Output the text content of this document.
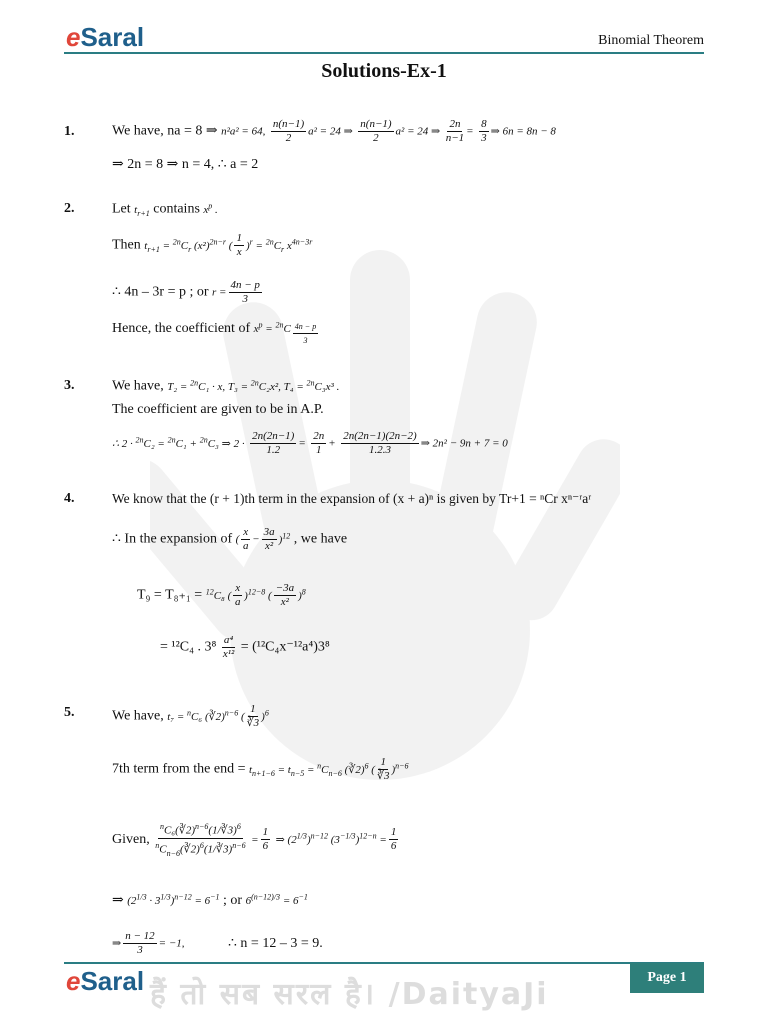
eSaral	Binomial Theorem
Solutions-Ex-1
1.	We have, na = 8 ⇒ n²a² = 64, $\frac{n(n-1)}{2} a^2 = 24$ ⇒ $\frac{n(n-1)}{2} a^2 = 24$ ⇒ $\frac{2n}{n-1} = \frac{8}{3}$ ⇒ 6n = 8n − 8
⇒ 2n = 8 ⇒ n = 4, ∴ a = 2
2.	Let $t_{r+1}$ contains $x^p$ .
Then $t_{r+1} = ^{2n}C_r$ $(x^2)^{2n-r}$ ( $\frac{1}{x} )^r = ^{2n}C_r$ $x^{4n-3r}$
∴ 4n – 3r = p ; or $r = \frac{4n - p}{3}$
Hence, the coefficient of $x^p = ^{2n}C$ $_{\frac{4n - p}{3}}$
3.	We have, T₂ = $^{2n}$C₁ · x, T₃ = $^{2n}$C₂x², T₄ = $^{2n}$C₃x³ .
The coefficient are given to be in A.P.
∴ 2 · $^{2n}$C₂ = $^{2n}$C₁ + $^{2n}$C₃ ⇒ $2 \cdot \frac{2n(2n-1)}{1.2} = \frac{2n}{1} + \frac{2n(2n-1)(2n-2)}{1.2.3}$ ⇒ 2n² − 9n + 7 = 0
4.	We know that the (r + 1)th term in the expansion of (x + a)ⁿ is given by Tr+1 = ⁿCr xⁿ⁻ʳaʳ
∴ In the expansion of ( $\frac{x}{a} - \frac{3a}{\text{x²}} )^{12}$ , we have
T₉ = T₈₊₁ = $^{12}$C₈ ( $\frac{x}{a} )^{12-8}$ ( $\frac{-3a}{\text{x²}} )^8$
= ¹²C₄ . $3^8 \frac{\text{a⁴}}{\text{x¹²}} = (^{12}C_4x^{-12}a^4)3^8$
5.	We have, t₇ = $^n$C₆ (∛2)$^{n-6}$ ( $\frac{1}{∛3} )^6$
7th term from the end = $t_{n+1-6} = t_{n-5} = ^nC_{n-6}$ (∛2)$^6$ ( $\frac{1}{∛3} )^{n-6}$
Given, $\frac{^nC_6(∛2)^{n-6}(1/∛3)^6}{^nC_{n-6}(∛2)^6(1/∛3)^{n-6}} = \frac{1}{6}$ ⇒ $(2^{1/3})^{n-12}$ $(3^{-1/3})^{12-n} = \frac{1}{6}$
⇒ $(2^{1/3} \cdot 3^{1/3})^{n-12} = 6^{-1}$ ; or $6^{(n-12)/3} = 6^{-1}$
⇒ $\frac{n - 12}{3} = -1$,	∴ n = 12 – 3 = 9.
eSaral हैं तो सब सरल है। /DaityaJi	Page 1
